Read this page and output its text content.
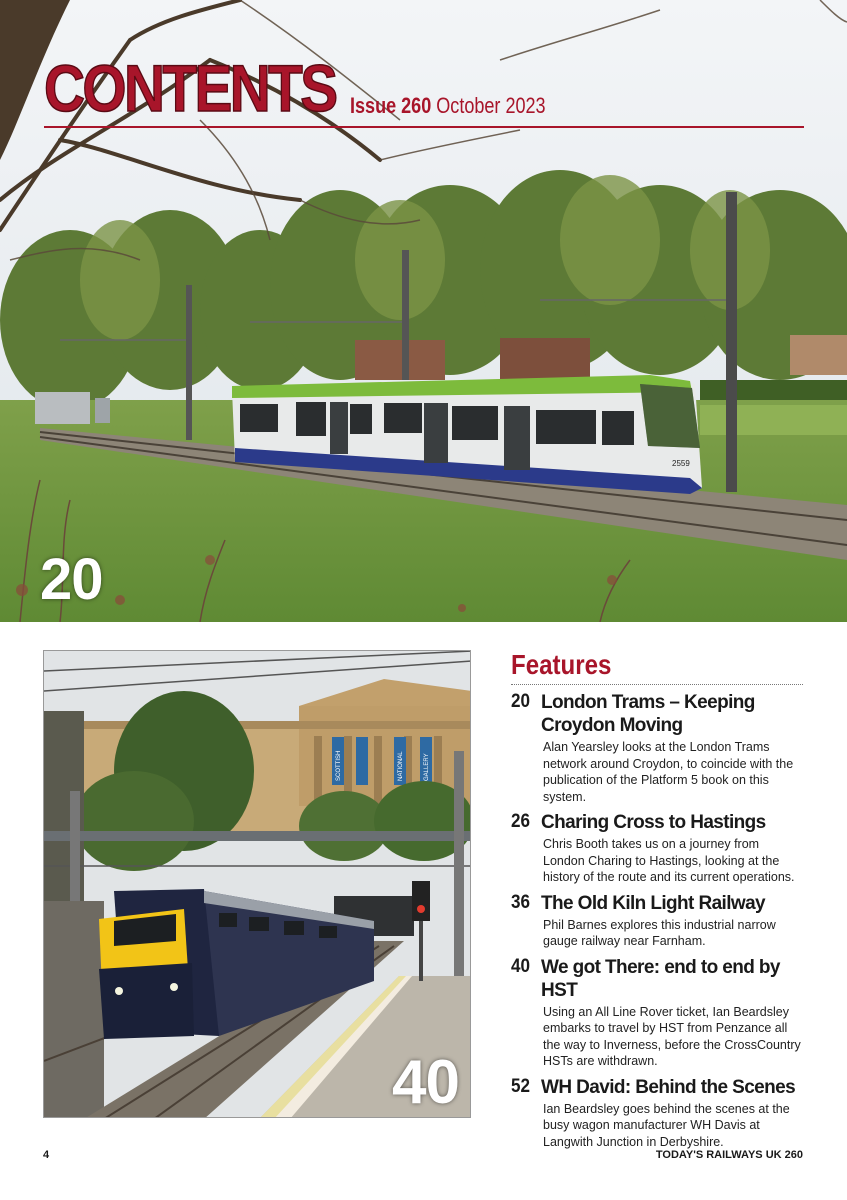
2559
CONTENTS Issue 260 October 2023
20
SCOTTISH	NATIONAL	GALLERY
40
Features
20 London Trams – Keeping Croydon Moving
Alan Yearsley looks at the London Trams network around Croydon, to coincide with the publication of the Platform 5 book on this system.
26 Charing Cross to Hastings
Chris Booth takes us on a journey from London Charing to Hastings, looking at the history of the route and its current operations.
36 The Old Kiln Light Railway
Phil Barnes explores this industrial narrow gauge railway near Farnham.
40 We got There: end to end by HST
Using an All Line Rover ticket, Ian Beardsley embarks to travel by HST from Penzance all the way to Inverness, before the CrossCountry HSTs are withdrawn.
52 WH David: Behind the Scenes
Ian Beardsley goes behind the scenes at the busy wagon manufacturer WH Davis at Langwith Junction in Derbyshire.
4	TODAY'S RAILWAYS UK 260
